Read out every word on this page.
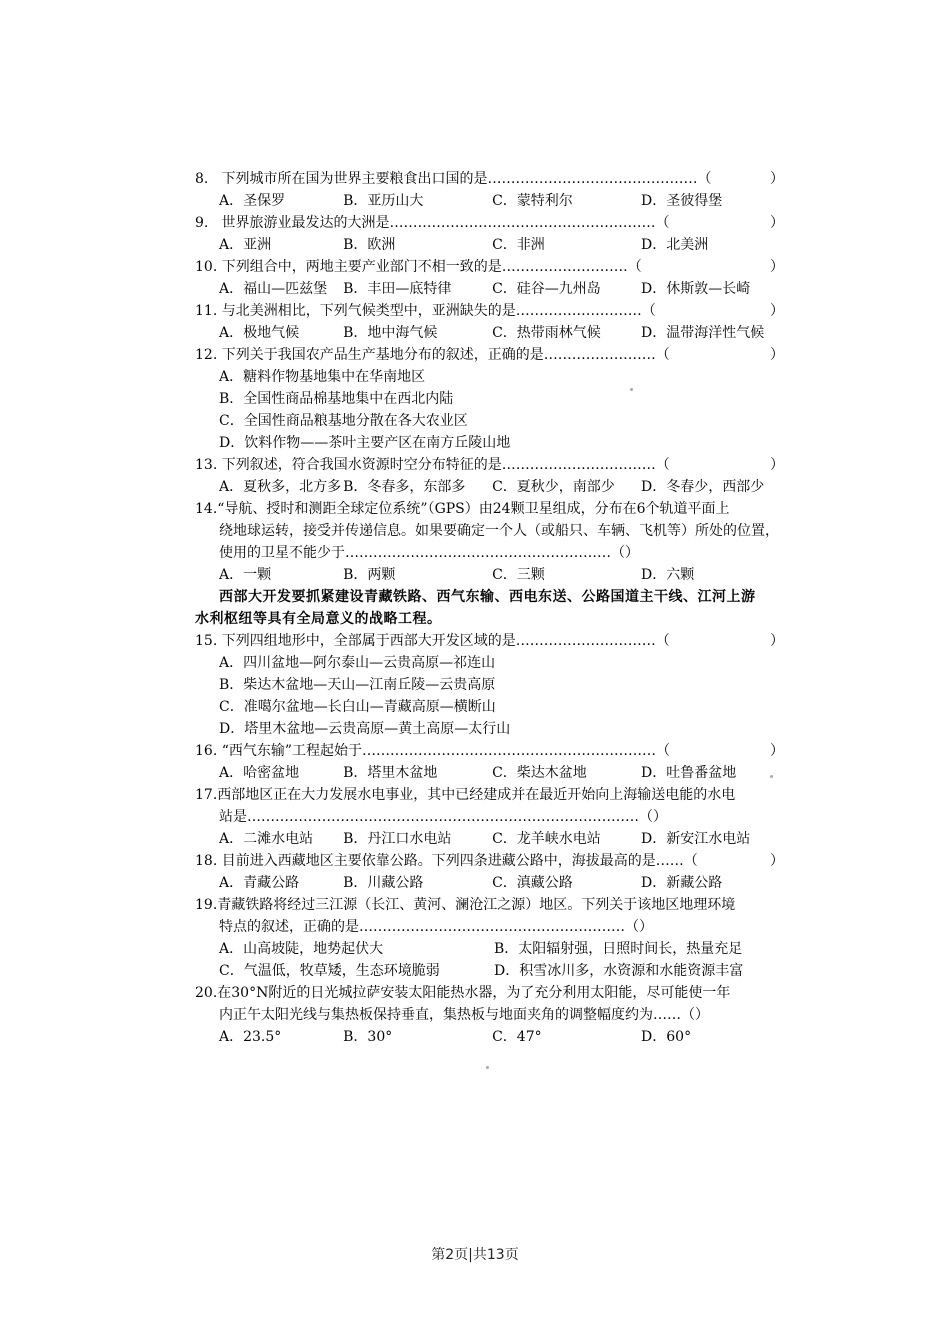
8. 下列城市所在国为世界主要粮食出口国的是………………………………………（	）
A．圣保罗	B．亚历山大	C．蒙特利尔	D．圣彼得堡
9. 世界旅游业最发达的大洲是…………………………………………………（	）
A．亚洲	B．欧洲	C．非洲	D．北美洲
10. 下列组合中，两地主要产业部门不相一致的是………………………（	）
A．福山—匹兹堡	B．丰田—底特律	C．硅谷—九州岛	D．休斯敦—长崎
11. 与北美洲相比，下列气候类型中，亚洲缺失的是………………………（	）
A．极地气候	B．地中海气候	C．热带雨林气候	D．温带海洋性气候
12. 下列关于我国农产品生产基地分布的叙述，正确的是……………………（	）
A．糖料作物基地集中在华南地区
B．全国性商品棉基地集中在西北内陆
C．全国性商品粮基地分散在各大农业区
D．饮料作物——茶叶主要产区在南方丘陵山地
13. 下列叙述，符合我国水资源时空分布特征的是……………………………（	）
A．夏秋多，北方多 B．冬春多，东部多	C．夏秋少，南部少	D．冬春少，西部少
14.“导航、授时和测距全球定位系统”（GPS）由24颗卫星组成，分布在6个轨道平面上
绕地球运转，接受并传递信息。如果要确定一个人（或船只、车辆、飞机等）所处的位置，使用的卫星不能少于…………………………………………………（）
A．一颗	B．两颗	C．三颗	D．六颗
西部大开发要抓紧建设青藏铁路、西气东输、西电东送、公路国道主干线、江河上游
水利枢纽等具有全局意义的战略工程。
15. 下列四组地形中，全部属于西部大开发区域的是…………………………（	）
A．四川盆地—阿尔泰山—云贵高原—祁连山
B．柴达木盆地—天山—江南丘陵—云贵高原
C．准噶尔盆地—长白山—青藏高原—横断山
D．塔里木盆地—云贵高原—黄土高原—太行山
16. “西气东输”工程起始于………………………………………………………（	）
A．哈密盆地	B．塔里木盆地	C．柴达木盆地	D．吐鲁番盆地
17.西部地区正在大力发展水电事业，其中已经建成并在最近开始向上海输送电能的水电
站是…………………………………………………………………………（）
A．二滩水电站	B．丹江口水电站	C．龙羊峡水电站	D．新安江水电站
18. 目前进入西藏地区主要依靠公路。下列四条进藏公路中，海拔最高的是……（	）
A．青藏公路	B．川藏公路	C．滇藏公路	D．新藏公路
19.青藏铁路将经过三江源（长江、黄河、澜沧江之源）地区。下列关于该地区地理环境
特点的叙述，正确的是…………………………………………………（）
A．山高坡陡，地势起伏大	B．太阳辐射强，日照时间长，热量充足
C．气温低，牧草矮，生态环境脆弱	D．积雪冰川多，水资源和水能资源丰富
20.在30°N附近的日光城拉萨安装太阳能热水器，为了充分利用太阳能，尽可能使一年
内正午太阳光线与集热板保持垂直，集热板与地面夹角的调整幅度约为……（）
A．23.5°	B．30°	C．47°	D．60°
第2页|共13页
